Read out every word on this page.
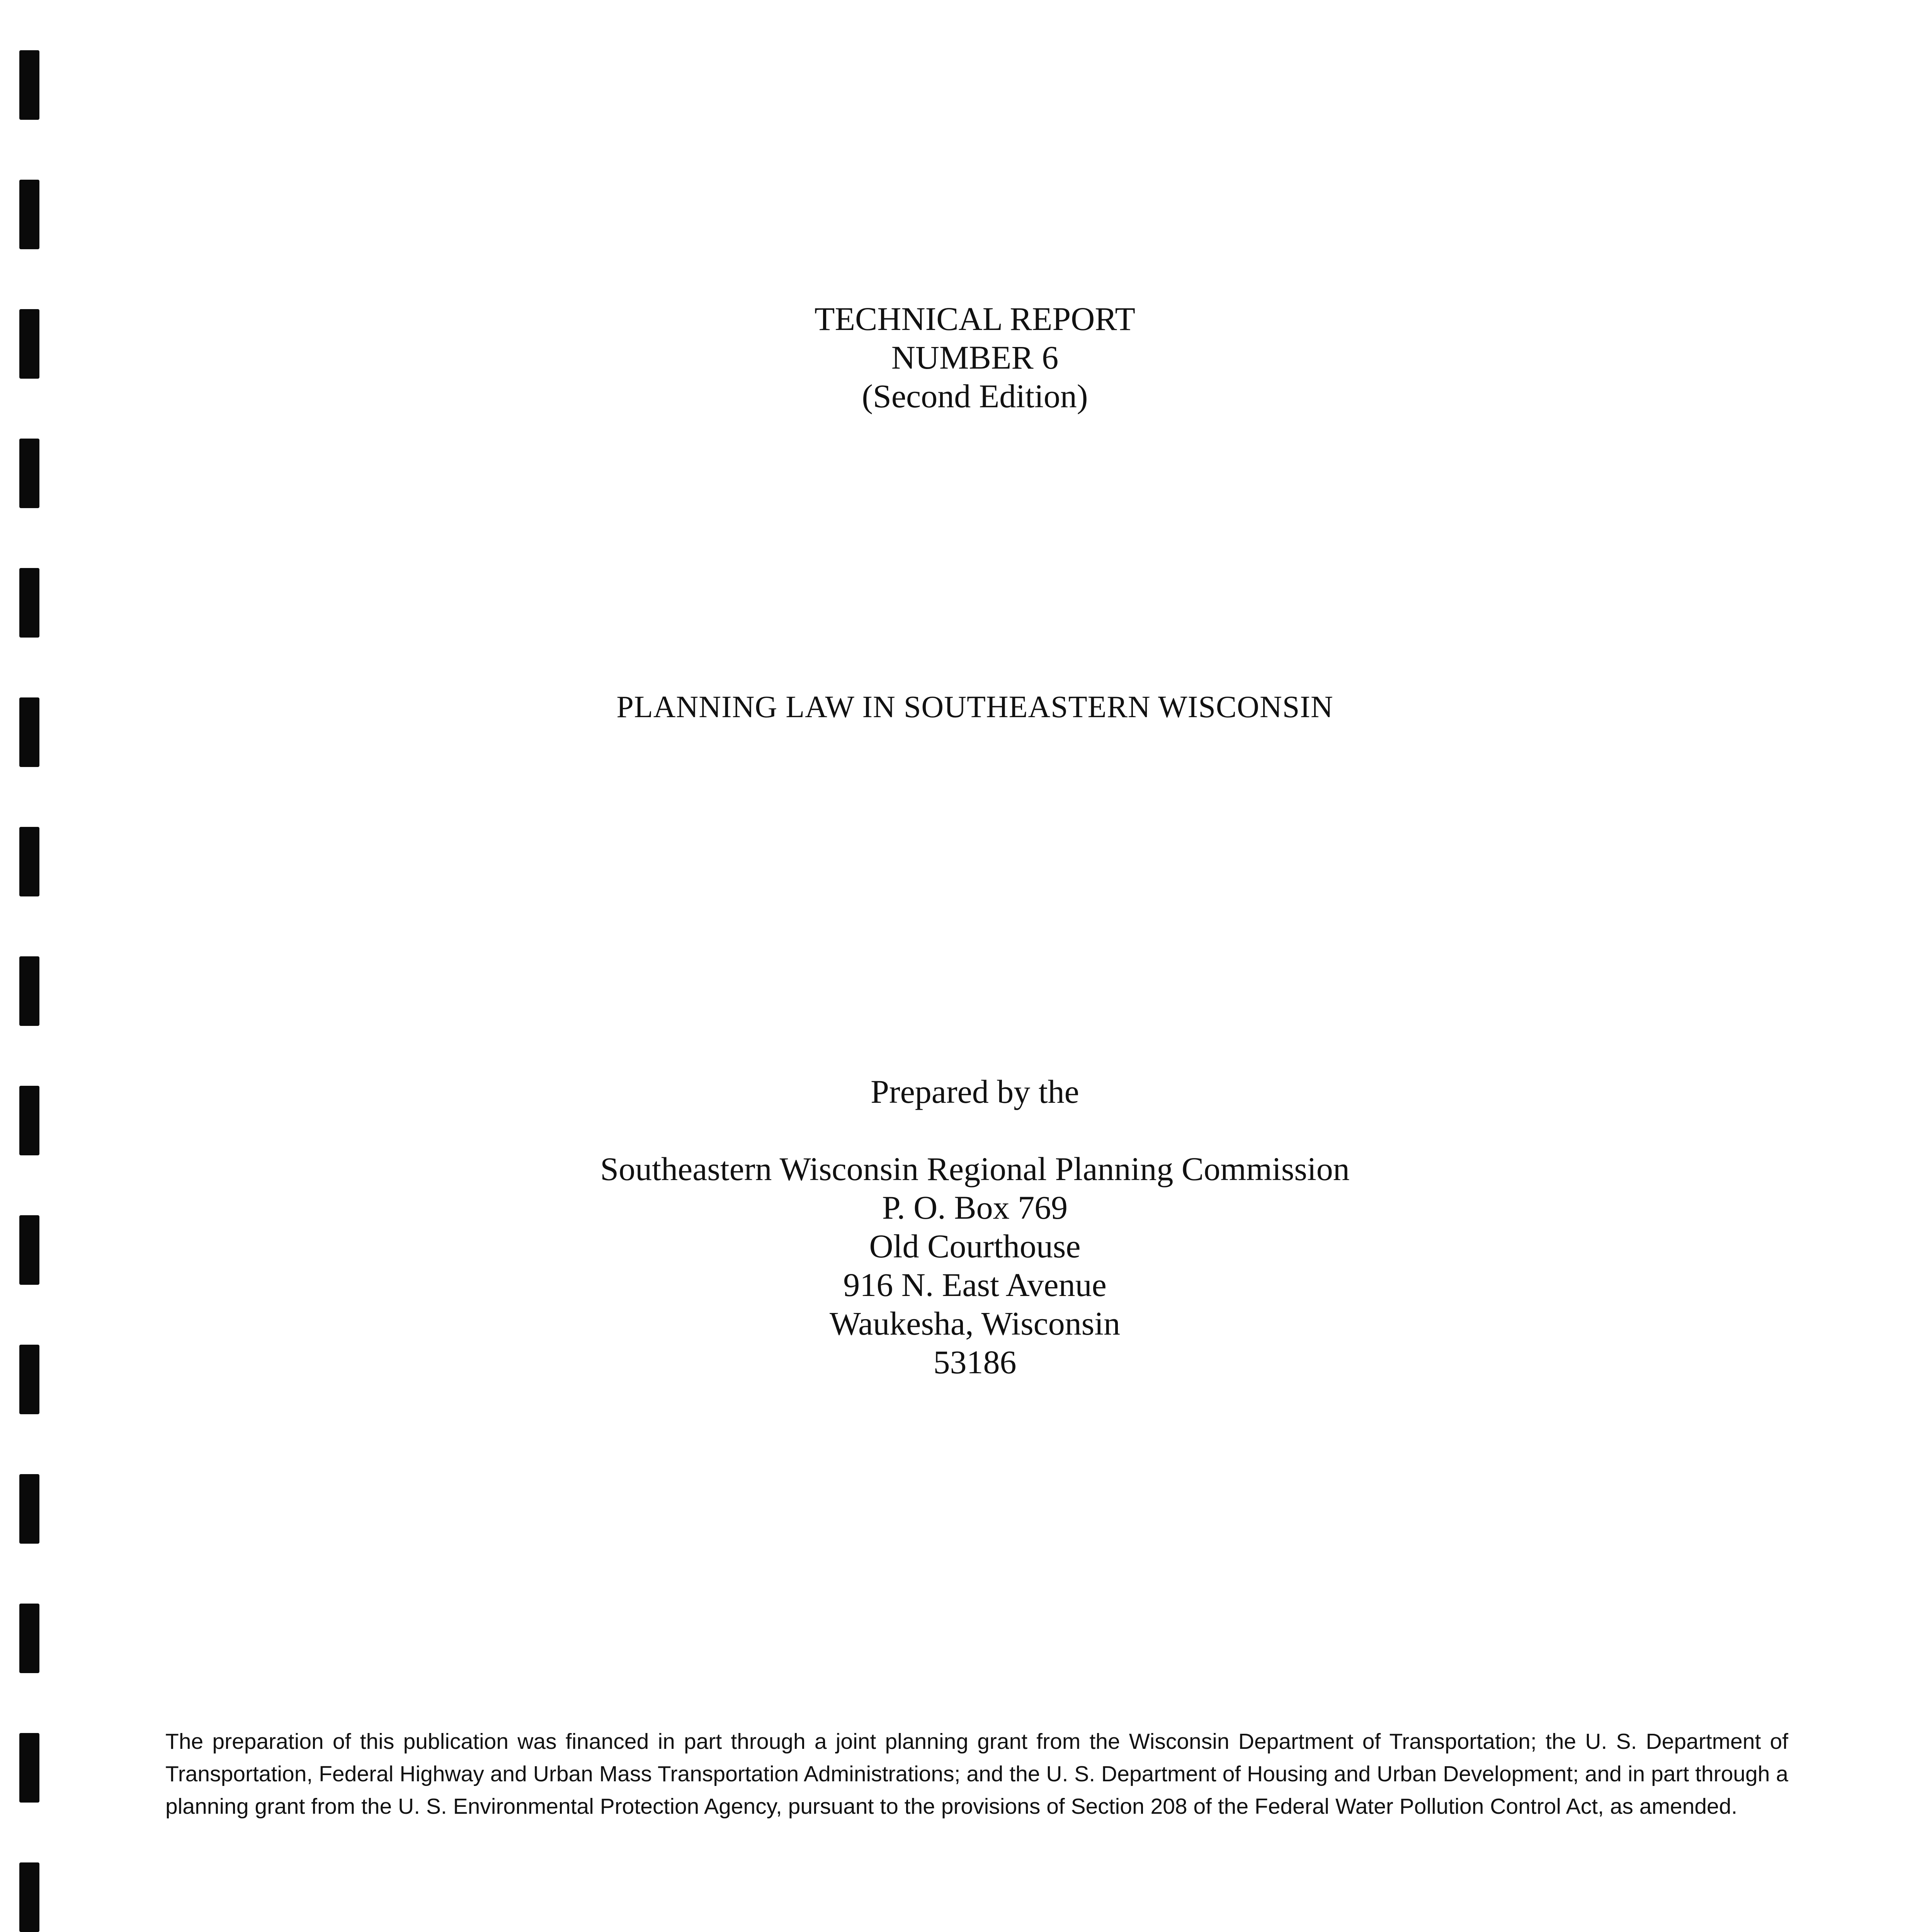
TECHNICAL REPORT
NUMBER 6
(Second Edition)
PLANNING LAW IN SOUTHEASTERN WISCONSIN
Prepared by the
Southeastern Wisconsin Regional Planning Commission
P. O. Box 769
Old Courthouse
916 N. East Avenue
Waukesha, Wisconsin
53186
The preparation of this publication was financed in part through a joint planning grant from the Wisconsin Department of Transportation; the U. S. Department of Transportation, Federal Highway and Urban Mass Transportation Administrations; and the U. S. Department of Housing and Urban Development; and in part through a planning grant from the U. S. Environmental Protection Agency, pursuant to the provisions of Section 208 of the Federal Water Pollution Control Act, as amended.
